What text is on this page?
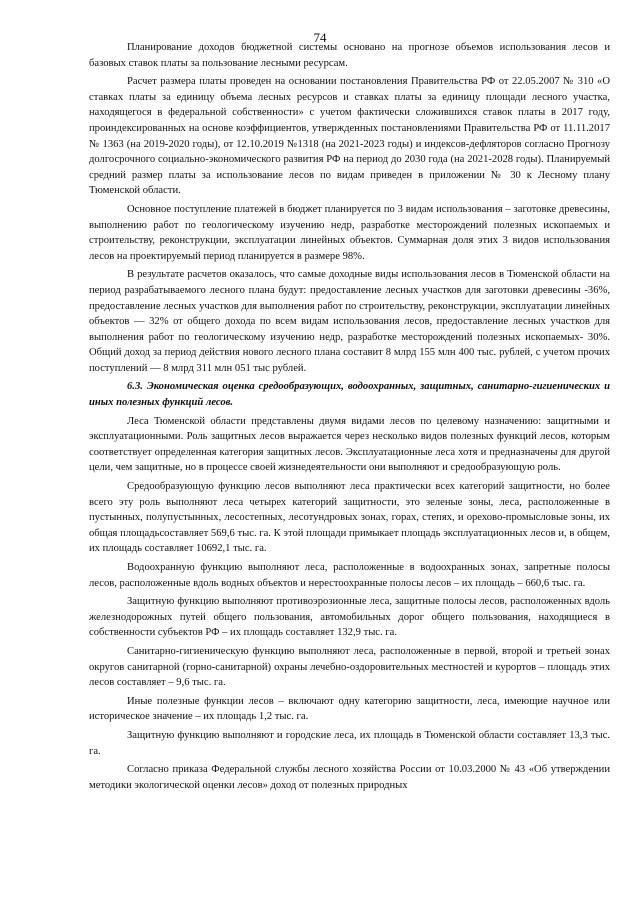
74

Планирование доходов бюджетной системы основано на прогнозе объемов использования лесов и базовых ставок платы за пользование лесными ресурсам.

Расчет размера платы проведен на основании постановления Правительства РФ от 22.05.2007 № 310 «О ставках платы за единицу объема лесных ресурсов и ставках платы за единицу площади лесного участка, находящегося в федеральной собственности» с учетом фактически сложившихся ставок платы в 2017 году, проиндексированных на основе коэффициентов, утвержденных постановлениями Правительства РФ от 11.11.2017 № 1363 (на 2019-2020 годы), от 12.10.2019 №1318 (на 2021-2023 годы) и индексов-дефляторов согласно Прогнозу долгосрочного социально-экономического развития РФ на период до 2030 года (на 2021-2028 годы). Планируемый средний размер платы за использование лесов по видам приведен в приложении № 30 к Лесному плану Тюменской области.

Основное поступление платежей в бюджет планируется по 3 видам использования – заготовке древесины, выполнению работ по геологическому изучению недр, разработке месторождений полезных ископаемых и строительству, реконструкции, эксплуатации линейных объектов. Суммарная доля этих 3 видов использования лесов на проектируемый период планируется в размере 98%.

В результате расчетов оказалось, что самые доходные виды использования лесов в Тюменской области на период разрабатываемого лесного плана будут: предоставление лесных участков для заготовки древесины -36%, предоставление лесных участков для выполнения работ по строительству, реконструкции, эксплуатации линейных объектов — 32% от общего дохода по всем видам использования лесов, предоставление лесных участков для выполнения работ по геологическому изучению недр, разработке месторождений полезных ископаемых- 30%. Общий доход за период действия нового лесного плана составит 8 млрд 155 млн 400 тыс. рублей, с учетом прочих поступлений — 8 млрд 311 млн 051 тыс рублей.

6.3. Экономическая оценка средообразующих, водоохранных, защитных, санитарно-гигиенических и иных полезных функций лесов.

Леса Тюменской области представлены двумя видами лесов по целевому назначению: защитными и эксплуатационными. Роль защитных лесов выражается через несколько видов полезных функций лесов, которым соответствует определенная категория защитных лесов. Эксплуатационные леса хотя и предназначены для другой цели, чем защитные, но в процессе своей жизнедеятельности они выполняют и средообразующую роль.

Средообразующую функцию лесов выполняют леса практически всех категорий защитности, но более всего эту роль выполняют леса четырех категорий защитности, это зеленые зоны, леса, расположенные в пустынных, полупустынных, лесостепных, лесотундровых зонах, горах, степях, и орехово-промысловые зоны, их общая площадьсоставляет 569,6 тыс. га. К этой площади примыкает площадь эксплуатационных лесов и, в общем, их площадь составляет 10692,1 тыс. га.

Водоохранную функцию выполняют леса, расположенные в водоохранных зонах, запретные полосы лесов, расположенные вдоль водных объектов и нерестоохранные полосы лесов – их площадь – 660,6 тыс. га.

Защитную функцию выполняют противоэрозионные леса, защитные полосы лесов, расположенных вдоль железнодорожных путей общего пользования, автомобильных дорог общего пользования, находящиеся в собственности субъектов РФ – их площадь составляет 132,9 тыс. га.

Санитарно-гигиеническую функцию выполняют леса, расположенные в первой, второй и третьей зонах округов санитарной (горно-санитарной) охраны лечебно-оздоровительных местностей и курортов – площадь этих лесов составляет – 9,6 тыс. га.

Иные полезные функции лесов – включают одну категорию защитности, леса, имеющие научное или историческое значение – их площадь 1,2 тыс. га.

Защитную функцию выполняют и городские леса, их площадь в Тюменской области составляет 13,3 тыс. га.

Согласно приказа Федеральной службы лесного хозяйства России от 10.03.2000 № 43 «Об утверждении методики экологической оценки лесов» доход от полезных природных
